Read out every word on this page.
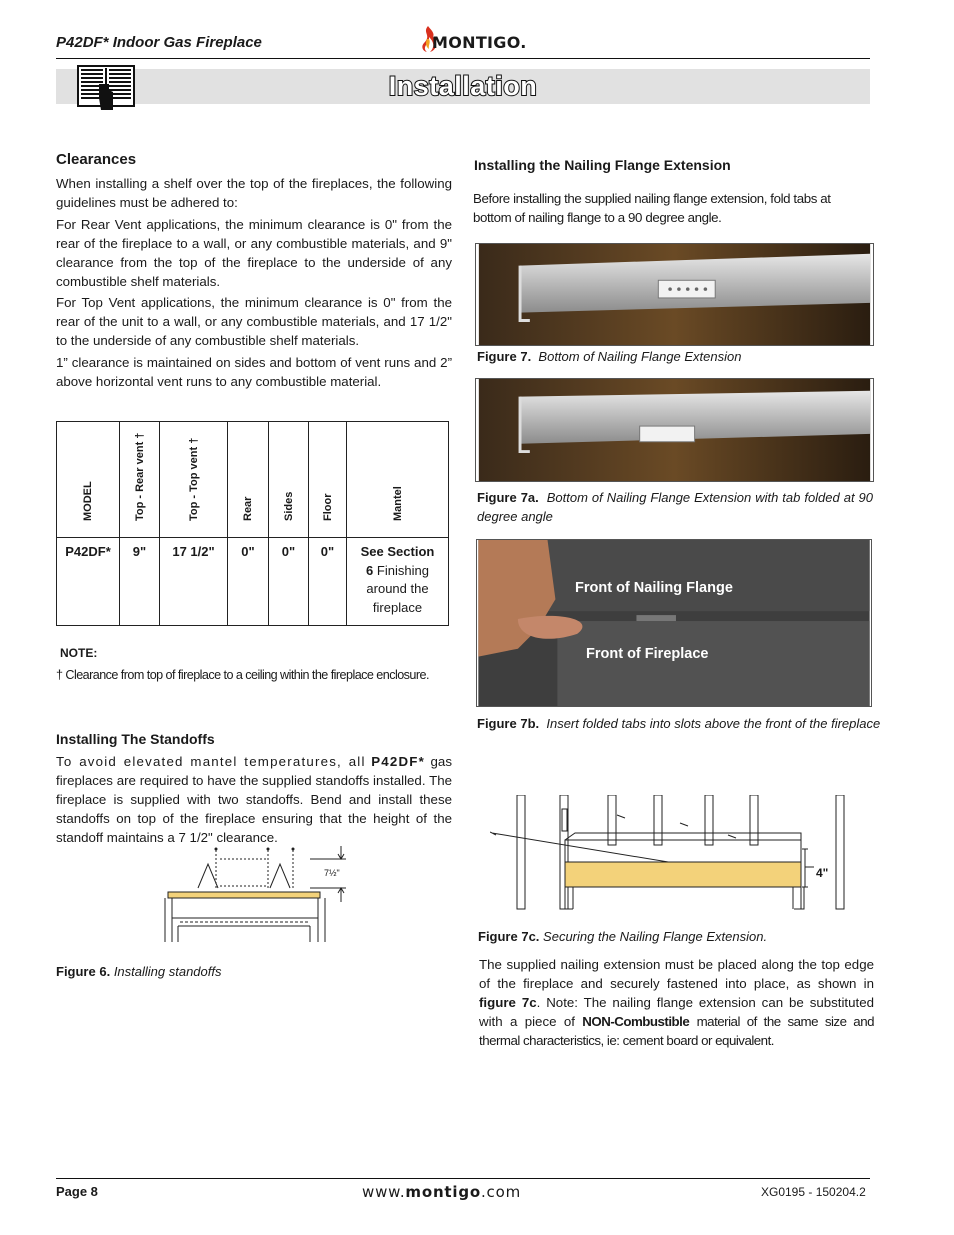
P42DF* Indoor Gas Fireplace	MONTIGO.
Installation
Clearances
When installing a shelf over the top of the fireplaces, the following guidelines must be adhered to:
For Rear Vent applications, the minimum clearance is 0" from the rear of the fireplace to a wall, or any combustible materials, and 9" clearance from the top of the fireplace to the underside of any combustible shelf materials.
For Top Vent applications, the minimum clearance is 0" from the rear of the unit to a wall, or any combustible materials, and 17 1/2" to the underside of any combustible shelf materials.
1” clearance is maintained on sides and bottom of vent runs and 2” above horizontal vent runs to any combustible material.
MODEL	Top - Rear vent †	Top - Top vent †	Rear	Sides	Floor	Mantel

P42DF*	9"	17 1/2"	0"	0"	0"	See Section
6 Finishing around the fireplace
NOTE:
† Clearance from top of fireplace to a ceiling within the fireplace enclosure.
Installing The Standoffs
To avoid elevated mantel temperatures, all P42DF* gas fireplaces are required to have the supplied standoffs installed. The fireplace is supplied with two standoffs. Bend and install these standoffs on top of the fireplace ensuring that the height of the standoff maintains a 7 1/2" clearance.
7½"
Figure 6. Installing standoffs
Installing the Nailing Flange Extension
Before installing the supplied nailing flange extension, fold tabs at bottom of nailing flange to a 90 degree angle.
Figure 7. Bottom of Nailing Flange Extension
Figure 7a. Bottom of Nailing Flange Extension with tab folded at 90 degree angle
Front of Nailing Flange
Front of Fireplace
Figure 7b. Insert folded tabs into slots above the front of the fireplace
4"
Figure 7c. Securing the Nailing Flange Extension.
The supplied nailing extension must be placed along the top edge of the fireplace and securely fastened into place, as shown in figure 7c. Note: The nailing flange extension can be substituted with a piece of NON-Combustible material of the same size and thermal characteristics, ie: cement board or equivalent.
Page 8	www.montigo.com	XG0195 - 150204.2
